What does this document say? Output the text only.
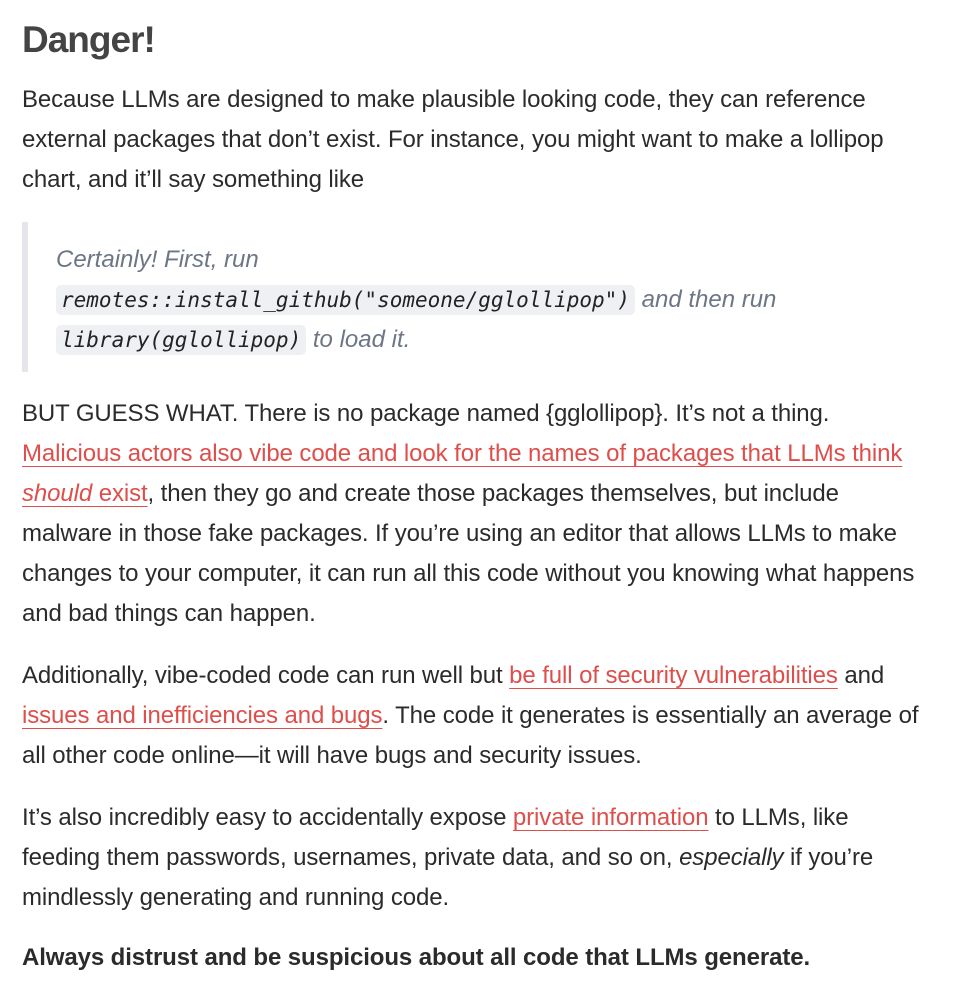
Danger!

Because LLMs are designed to make plausible looking code, they can reference external packages that don’t exist. For instance, you might want to make a lollipop chart, and it’ll say something like

Certainly! First, run
remotes::install_github("someone/gglollipop") and then run
library(gglollipop) to load it.

BUT GUESS WHAT. There is no package named {gglollipop}. It’s not a thing.
Malicious actors also vibe code and look for the names of packages that LLMs think should exist, then they go and create those packages themselves, but include malware in those fake packages. If you’re using an editor that allows LLMs to make changes to your computer, it can run all this code without you knowing what happens and bad things can happen.

Additionally, vibe-coded code can run well but be full of security vulnerabilities and issues and inefficiencies and bugs. The code it generates is essentially an average of all other code online—it will have bugs and security issues.

It’s also incredibly easy to accidentally expose private information to LLMs, like feeding them passwords, usernames, private data, and so on, especially if you’re mindlessly generating and running code.

Always distrust and be suspicious about all code that LLMs generate.
